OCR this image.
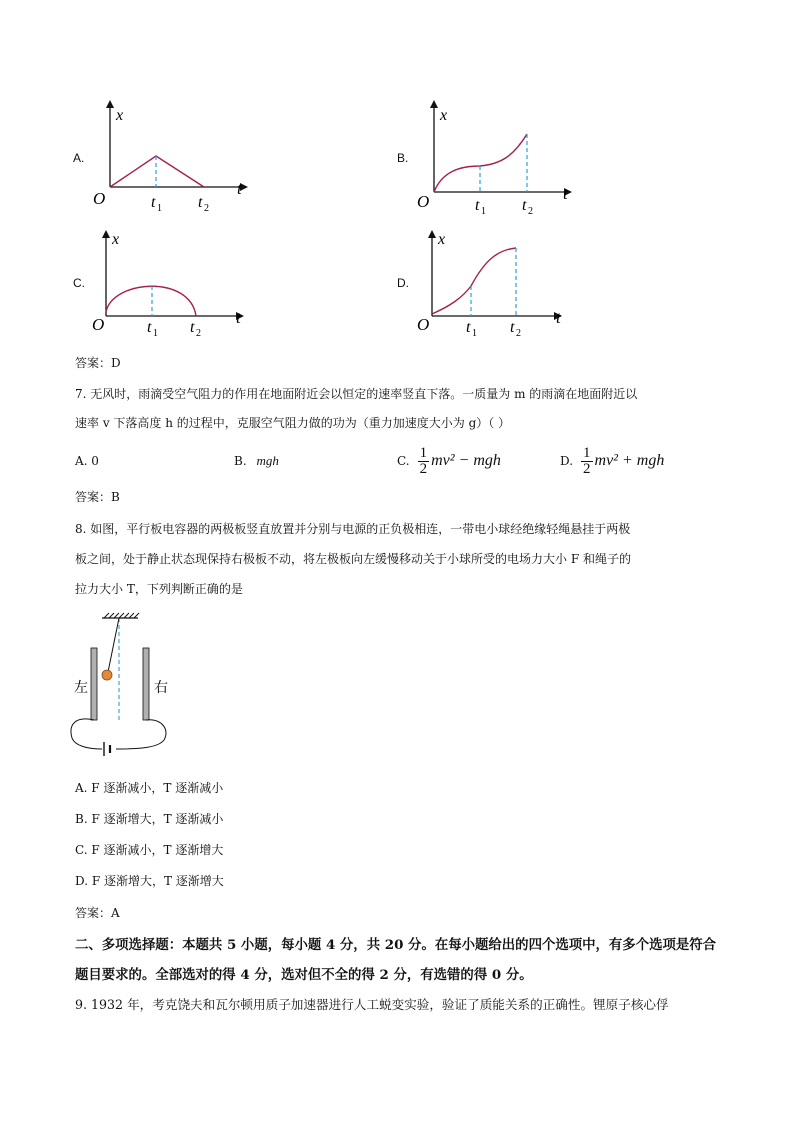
A.
x
t
O	t 1 t 2
B.
x
t
O	t 1 t 2
C.
x
t
O	t 1 t 2
D.
x
t
O t 1 t 2
答案：D
7. 无风时，雨滴受空气阻力的作用在地面附近会以恒定的速率竖直下落。一质量为 m 的雨滴在地面附近以
速率 v 下落高度 h 的过程中，克服空气阻力做的功为（重力加速度大小为 g）（ ）
A. 0	B. mgh	C. $\frac{1}{2} mv^2$ − mgh	D. $\frac{1}{2} mv^2$ + mgh
答案：B
8. 如图，平行板电容器的两极板竖直放置并分别与电源的正负极相连，一带电小球经绝缘轻绳悬挂于两极
板之间，处于静止状态现保持右极板不动，将左极板向左缓慢移动关于小球所受的电场力大小 F 和绳子的
拉力大小 T，下列判断正确的是
左	右
A. F 逐渐减小，T 逐渐减小
B. F 逐渐增大，T 逐渐减小
C. F 逐渐减小，T 逐渐增大
D. F 逐渐增大，T 逐渐增大
答案：A
二、多项选择题：本题共 5 小题，每小题 4 分，共 20 分。在每小题给出的四个选项中，有多个选项是符合
题目要求的。全部选对的得 4 分，选对但不全的得 2 分，有选错的得 0 分。
9. 1932 年，考克饶夫和瓦尔顿用质子加速器进行人工蜕变实验，验证了质能关系的正确性。锂原子核心俘
